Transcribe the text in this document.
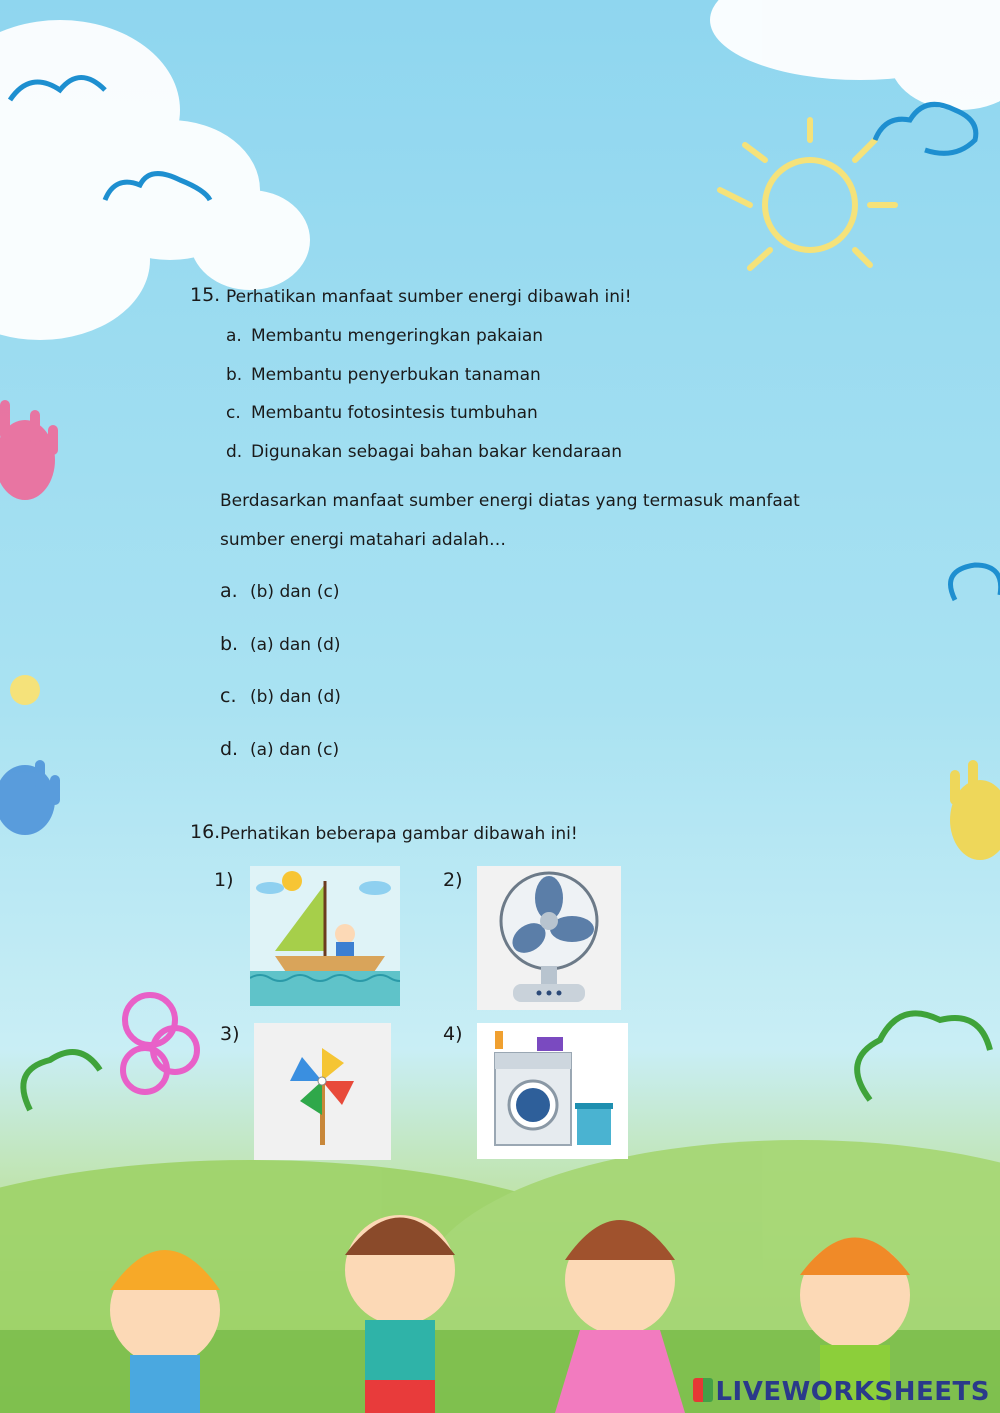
15. Perhatikan manfaat sumber energi dibawah ini!
a. Membantu mengeringkan pakaian
b. Membantu penyerbukan tanaman
c. Membantu fotosintesis tumbuhan
d. Digunakan sebagai bahan bakar kendaraan
Berdasarkan manfaat sumber energi diatas yang termasuk manfaat
sumber energi matahari adalah…
a. (b) dan (c)
b. (a) dan (d)
c. (b) dan (d)
d. (a) dan (c)
16. Perhatikan beberapa gambar dibawah ini!
1)	2)
3)	4)
LIVEWORKSHEETS
